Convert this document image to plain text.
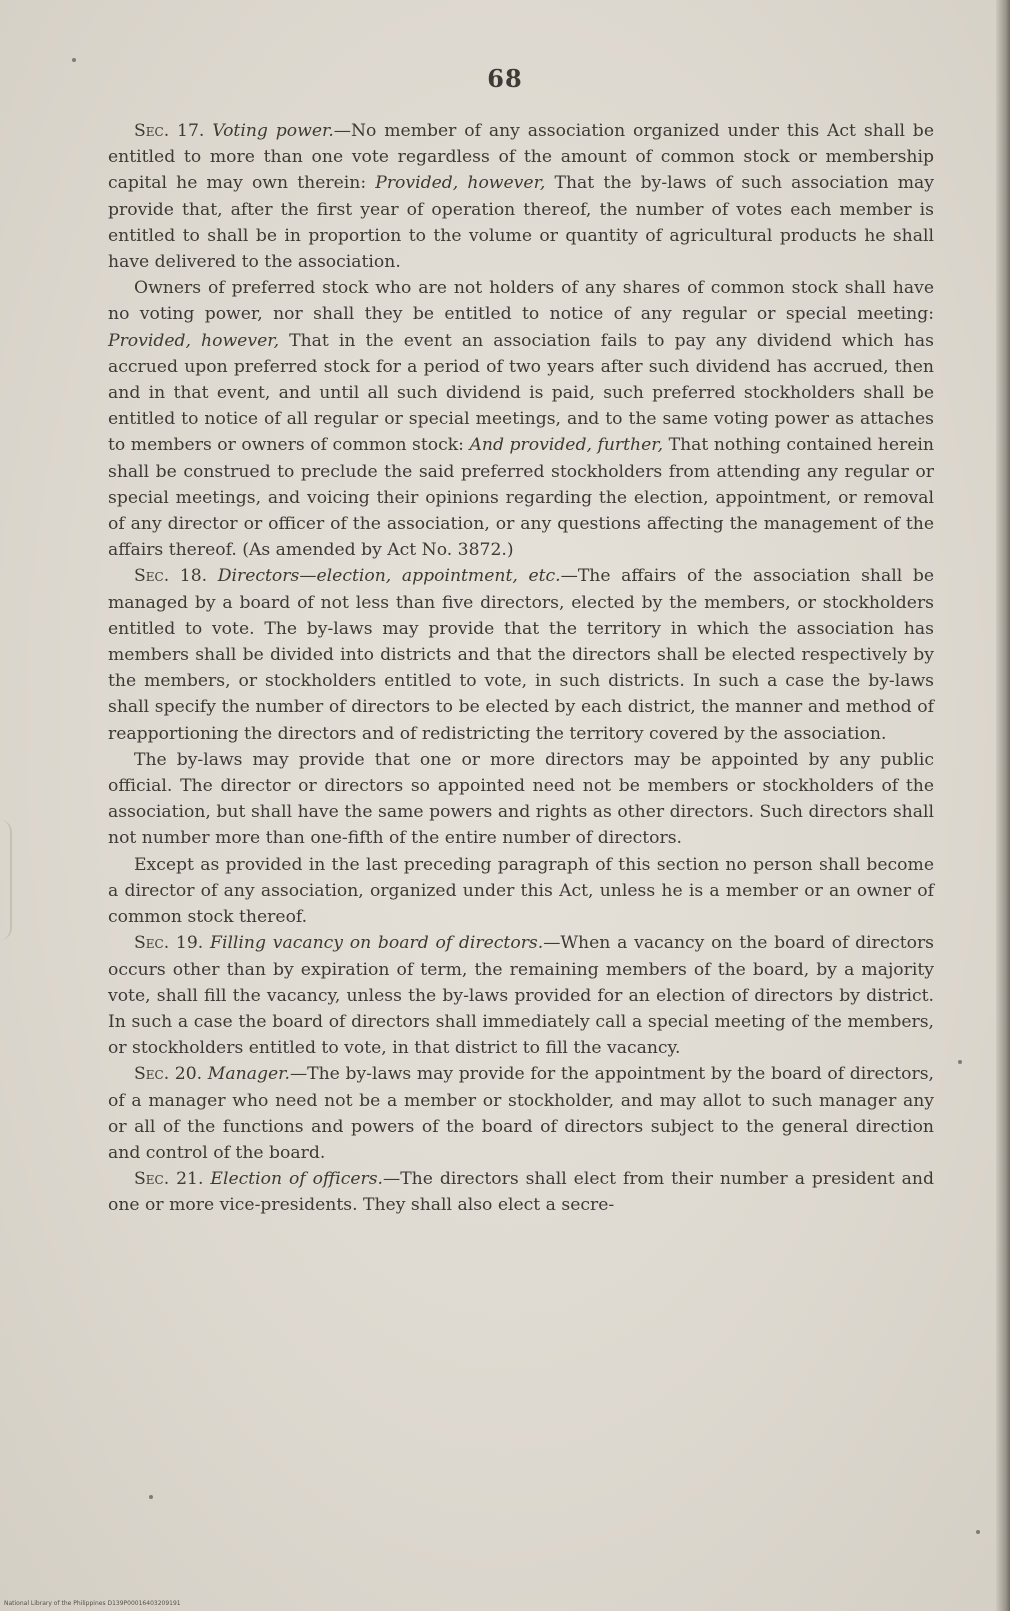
68

Sec. 17. Voting power.—No member of any association organized under this Act shall be entitled to more than one vote regardless of the amount of common stock or membership capital he may own therein: Provided, however, That the by-laws of such association may provide that, after the first year of operation thereof, the number of votes each member is entitled to shall be in proportion to the volume or quantity of agricultural products he shall have delivered to the association.

Owners of preferred stock who are not holders of any shares of common stock shall have no voting power, nor shall they be entitled to notice of any regular or special meeting: Provided, however, That in the event an association fails to pay any dividend which has accrued upon preferred stock for a period of two years after such dividend has accrued, then and in that event, and until all such dividend is paid, such preferred stockholders shall be entitled to notice of all regular or special meetings, and to the same voting power as attaches to members or owners of common stock: And provided, further, That nothing contained herein shall be construed to preclude the said preferred stockholders from attending any regular or special meetings, and voicing their opinions regarding the election, appointment, or removal of any director or officer of the association, or any questions affecting the management of the affairs thereof. (As amended by Act No. 3872.)

Sec. 18. Directors—election, appointment, etc.—The affairs of the association shall be managed by a board of not less than five directors, elected by the members, or stockholders entitled to vote. The by-laws may provide that the territory in which the association has members shall be divided into districts and that the directors shall be elected respectively by the members, or stockholders entitled to vote, in such districts. In such a case the by-laws shall specify the number of directors to be elected by each district, the manner and method of reapportioning the directors and of redistricting the territory covered by the association.

The by-laws may provide that one or more directors may be appointed by any public official. The director or directors so appointed need not be members or stockholders of the association, but shall have the same powers and rights as other directors. Such directors shall not number more than one-fifth of the entire number of directors.

Except as provided in the last preceding paragraph of this section no person shall become a director of any association, organized under this Act, unless he is a member or an owner of common stock thereof.

Sec. 19. Filling vacancy on board of directors.—When a vacancy on the board of directors occurs other than by expiration of term, the remaining members of the board, by a majority vote, shall fill the vacancy, unless the by-laws provided for an election of directors by district. In such a case the board of directors shall immediately call a special meeting of the members, or stockholders entitled to vote, in that district to fill the vacancy.

Sec. 20. Manager.—The by-laws may provide for the appointment by the board of directors, of a manager who need not be a member or stockholder, and may allot to such manager any or all of the functions and powers of the board of directors subject to the general direction and control of the board.

Sec. 21. Election of officers.—The directors shall elect from their number a president and one or more vice-presidents. They shall also elect a secre-

National Library of the Philippines D139P00016403209191
